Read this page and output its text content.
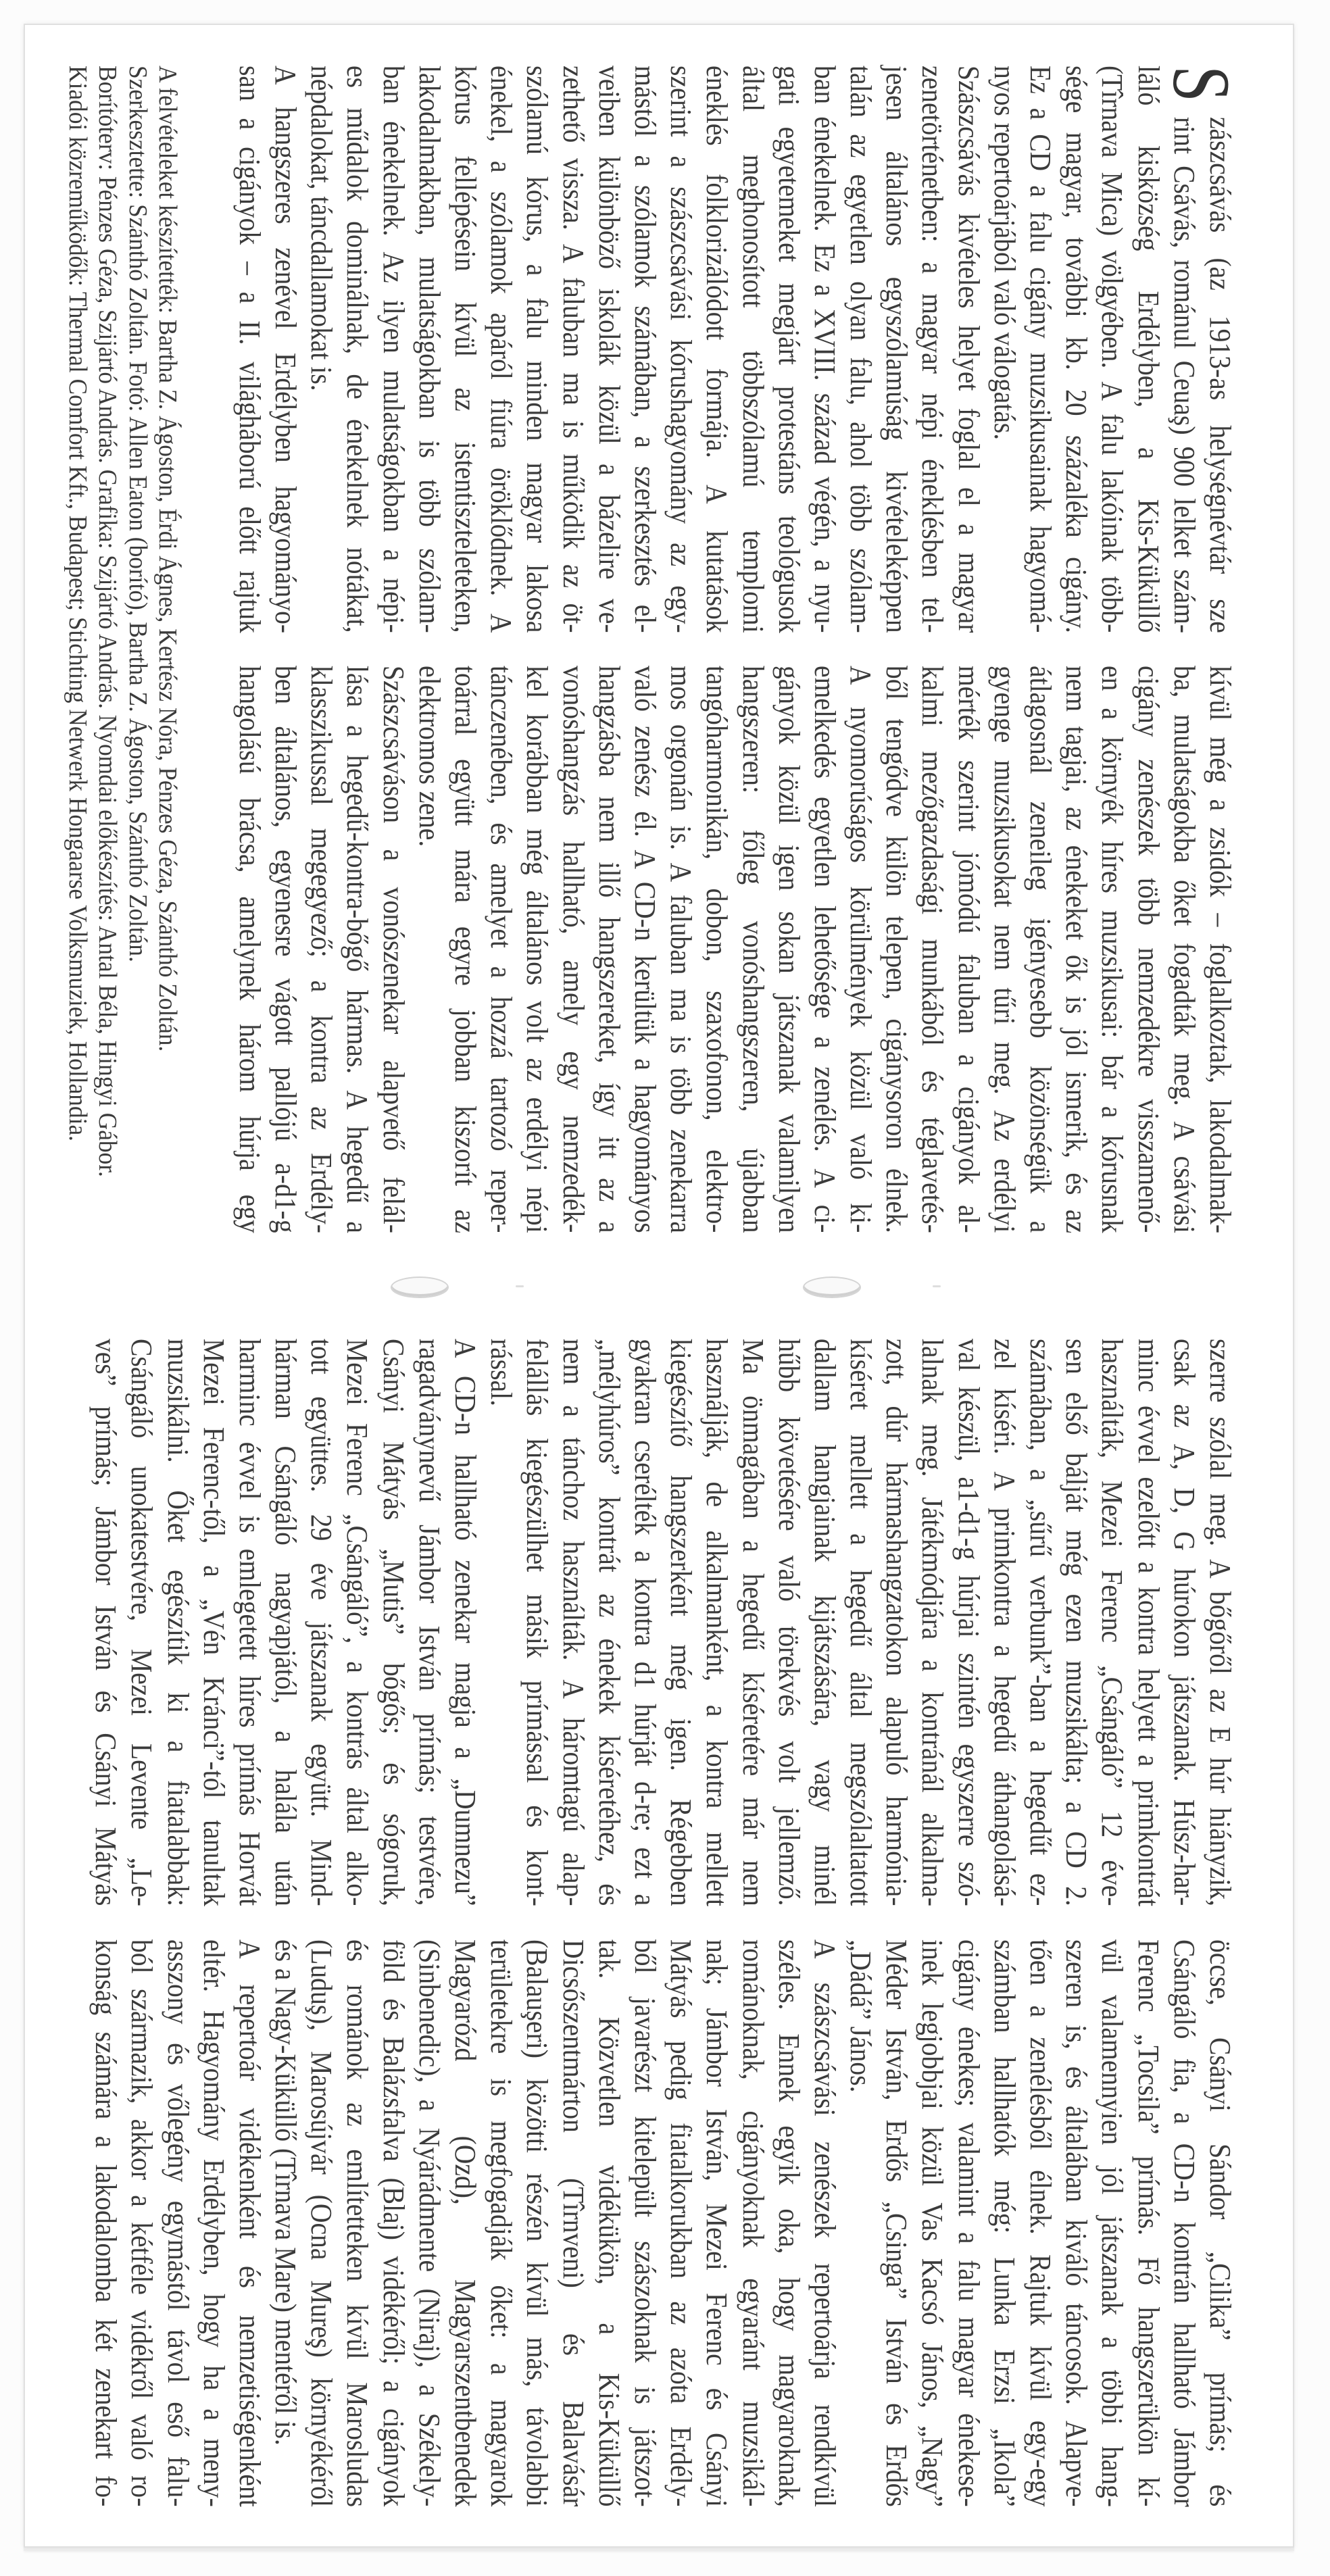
S
zászcsávás (az 1913-as helységnévtár sze
rint Csávás, románul Ceuaş) 900 lelket szám-
láló kisközség Erdélyben, a Kis-Küküllő
(Tîrnava Mica) völgyében. A falu lakóinak több-
sége magyar, további kb. 20 százaléka cigány.
Ez a CD a falu cigány muzsikusainak hagyomá-
nyos repertoárjából való válogatás.
Szászcsávás kivételes helyet foglal el a magyar
zenetörténetben: a magyar népi éneklésben tel-
jesen általános egyszólamúság kivételeképpen
talán az egyetlen olyan falu, ahol több szólam-
ban énekelnek. Ez a XVIII. század végén, a nyu-
gati egyetemeket megjárt protestáns teológusok
által meghonosított többszólamú templomi
éneklés folklorizálódott formája. A kutatások
szerint a szászcsávási kórushagyomány az egy-
mástól a szólamok számában, a szerkesztés el-
veiben különböző iskolák közül a bázelire ve-
zethető vissza. A faluban ma is működik az öt-
szólamú kórus, a falu minden magyar lakosa
énekel, a szólamok apáról fiúra öröklődnek. A
kórus fellépésein kívül az istentiszteleteken,
lakodalmakban, mulatságokban is több szólam-
ban énekelnek. Az ilyen mulatságokban a népi-
es műdalok dominálnak, de énekelnek nótákat,
népdalokat, táncdallamokat is.
A hangszeres zenével Erdélyben hagyományo-
san a cigányok – a II. világháború előtt rajtuk
kívül még a zsidók – foglalkoztak, lakodalmak-
ba, mulatságokba őket fogadták meg. A csávási
cigány zenészek több nemzedékre visszamenő-
en a környék híres muzsikusai: bár a kórusnak
nem tagjai, az énekeket ők is jól ismerik, és az
átlagosnál zeneileg igényesebb közönségük a
gyenge muzsikusokat nem tűri meg. Az erdélyi
mérték szerint jómódú faluban a cigányok al-
kalmi mezőgazdasági munkából és téglavetés-
ből tengődve külön telepen, cigánysoron élnek.
A nyomorúságos körülmények közül való ki-
emelkedés egyetlen lehetősége a zenélés. A ci-
gányok közül igen sokan játszanak valamilyen
hangszeren: főleg vonóshangszeren, újabban
tangóharmonikán, dobon, szaxofonon, elektro-
mos orgonán is. A faluban ma is több zenekarra
való zenész él. A CD-n kerültük a hagyományos
hangzásba nem illő hangszereket, így itt az a
vonóshangzás hallható, amely egy nemzedék-
kel korábban még általános volt az erdélyi népi
tánczenében, és amelyet a hozzá tartozó reper-
toárral együtt mára egyre jobban kiszorít az
elektromos zene.
Szászcsáváson a vonószenekar alapvető felál-
lása a hegedű-kontra-bőgő hármas. A hegedű a
klasszikussal megegyező; a kontra az Erdély-
ben általános, egyenesre vágott pallójú a-d1-g
hangolású brácsa, amelynek három húrja egy
A felvételeket készítették: Bartha Z. Ágoston, Érdi Ágnes, Kertész Nóra, Pénzes Géza, Szánthó Zoltán.
Szerkesztette: Szánthó Zoltán. Fotó: Allen Eaton (borító), Bartha Z. Ágoston, Szánthó Zoltán.
Borítóterv: Pénzes Géza, Szijártó András. Grafika: Szijártó András. Nyomdai előkészítés: Antal Béla, Hingyi Gábor.
Kiadói közreműködők: Thermal Comfort Kft., Budapest; Stichting Netwerk Hongaarse Volksmuziek, Hollandia.
szerre szólal meg. A bőgőről az E húr hiányzik,
csak az A, D, G húrokon játszanak. Húsz-har-
minc évvel ezelőtt a kontra helyett a primkontrát
használták, Mezei Ferenc „Csángáló” 12 éve-
sen első bálját még ezen muzsikálta; a CD 2.
számában, a „sűrű verbunk”-ban a hegedűt ez-
zel kíséri. A primkontra a hegedű áthangolásá-
val készül, a1-d1-g húrjai szintén egyszerre szó-
lalnak meg. Játékmódjára a kontránál alkalma-
zott, dúr hármashangzatokon alapuló harmónia-
kíséret mellett a hegedű által megszólaltatott
dallam hangjainak kijátszására, vagy minél
hűbb követésére való törekvés volt jellemző.
Ma önmagában a hegedű kíséretére már nem
használják, de alkalmanként, a kontra mellett
kiegészítő hangszerként még igen. Régebben
gyakran cserélték a kontra d1 húrját d-re; ezt a
„mélyhúros” kontrát az énekek kíséretéhez, és
nem a tánchoz használták. A háromtagú alap-
felállás kiegészülhet másik prímással és kont-
rással.
A CD-n hallható zenekar magja a „Dumnezu”
ragadványnevű Jámbor István prímás; testvére,
Csányi Mátyás „Mutis” bőgős; és sógoruk,
Mezei Ferenc „Csángáló”, a kontrás által alko-
tott együttes. 29 éve játszanak együtt. Mind-
hárman Csángáló nagyapjától, a halála után
harminc évvel is emlegetett híres prímás Horvát
Mezei Ferenc-től, a „Vén Kránci”-tól tanultak
muzsikálni. Őket egészítik ki a fiatalabbak:
Csángáló unokatestvére, Mezei Levente „Le-
ves” prímás; Jámbor István és Csányi Mátyás
öccse, Csányi Sándor „Cilika” prímás; és
Csángáló fia, a CD-n kontrán hallható Jámbor
Ferenc „Tocsila” prímás. Fő hangszerükön kí-
vül valamennyien jól játszanak a többi hang-
szeren is, és általában kiváló táncosok. Alapve-
tően a zenélésből élnek. Rajtuk kívül egy-egy
számban hallhatók még: Lunka Erzsi „Ikola”
cigány énekes; valamint a falu magyar énekese-
inek legjobbjai közül Vas Kacsó János, „Nagy”
Méder István, Erdős „Csinga” István és Erdős
„Dádá” János.
A szászcsávási zenészek repertoárja rendkívül
széles. Ennek egyik oka, hogy magyaroknak,
románoknak, cigányoknak egyaránt muzsikál-
nak; Jámbor István, Mezei Ferenc és Csányi
Mátyás pedig fiatalkorukban az azóta Erdély-
ből javarészt kitelepült szászoknak is játszot-
tak. Közvetlen vidékükön, a Kis-Küküllő
Dicsőszentmárton (Tîrnveni) és Balavásár
(Balauşeri) közötti részén kívül más, távolabbi
területekre is megfogadják őket: a magyarok
Magyarózd (Ozd), Magyarszentbenedek
(Sinbenedic), a Nyárádmente (Niraj), a Székely-
föld és Balázsfalva (Blaj) vidékéről; a cigányok
és románok az említetteken kívül Marosludas
(Luduş), Marosújvár (Ocna Mureş) környékéről
és a Nagy-Küküllő (Tîrnava Mare) mentéről is.
A repertoár vidékenként és nemzetiségenként
eltér. Hagyomány Erdélyben, hogy ha a meny-
asszony és vőlegény egymástól távol eső falu-
ból származik, akkor a kétféle vidékről való ro-
konság számára a lakodalomba két zenekart fo-
